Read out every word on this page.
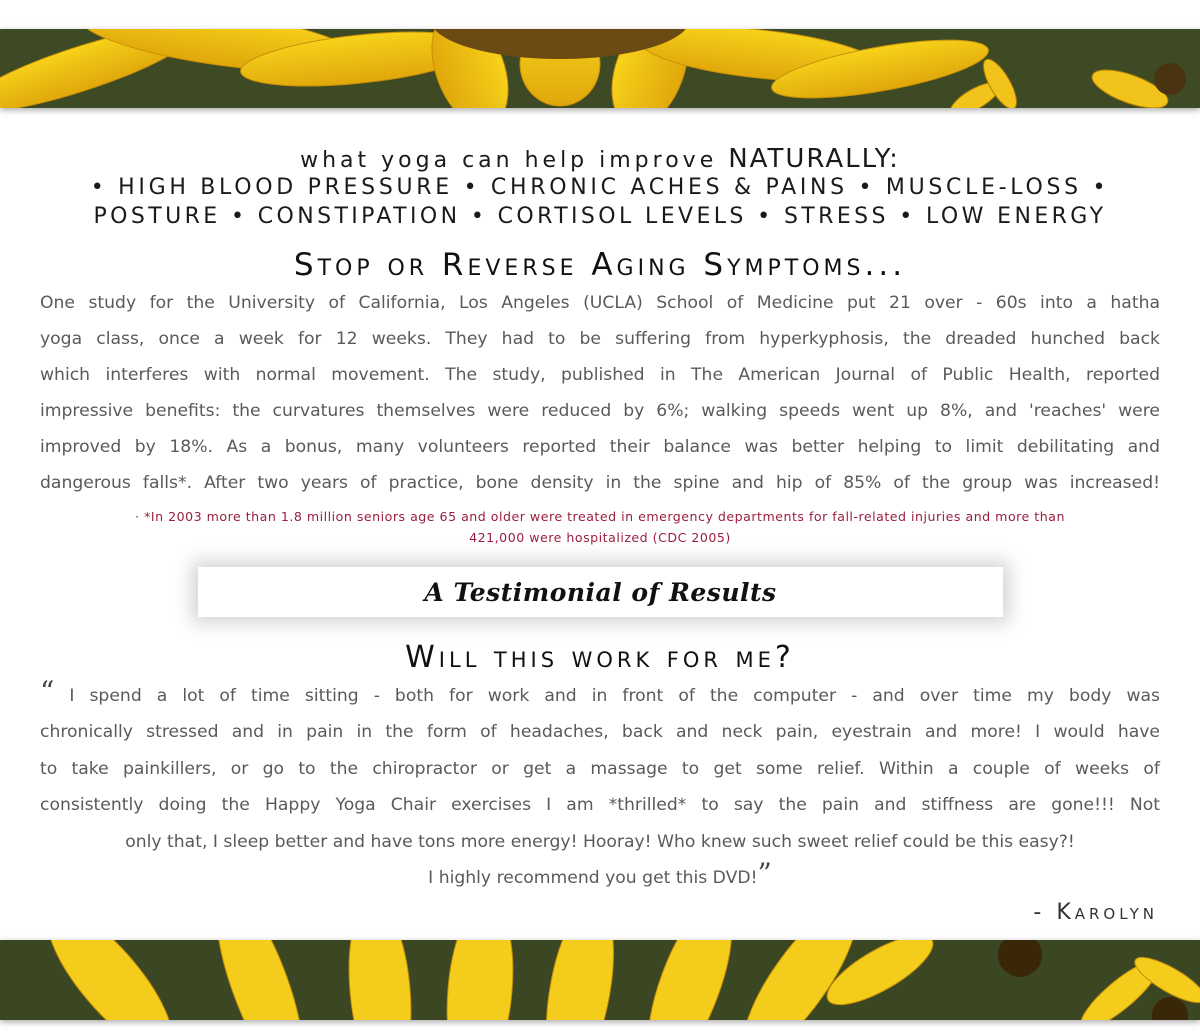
what yoga can help improve NATURALLY:
• HIGH BLOOD PRESSURE • CHRONIC ACHES & PAINS • MUSCLE-LOSS •
POSTURE • CONSTIPATION • CORTISOL LEVELS • STRESS • LOW ENERGY
Stop or Reverse Aging Symptoms...
One study for the University of California, Los Angeles (UCLA) School of Medicine put 21 over - 60s into a hatha
yoga class, once a week for 12 weeks. They had to be suffering from hyperkyphosis, the dreaded hunched back
which interferes with normal movement. The study, published in The American Journal of Public Health, reported
impressive benefits: the curvatures themselves were reduced by 6%; walking speeds went up 8%, and 'reaches' were
improved by 18%. As a bonus, many volunteers reported their balance was better helping to limit debilitating and
dangerous falls*. After two years of practice, bone density in the spine and hip of 85% of the group was increased!
· *In 2003 more than 1.8 million seniors age 65 and older were treated in emergency departments for fall-related injuries and more than
421,000 were hospitalized (CDC 2005)
A Testimonial of Results
Will this work for me?
“ I spend a lot of time sitting - both for work and in front of the computer - and over time my body was
chronically stressed and in pain in the form of headaches, back and neck pain, eyestrain and more! I would have
to take painkillers, or go to the chiropractor or get a massage to get some relief. Within a couple of weeks of
consistently doing the Happy Yoga Chair exercises I am *thrilled* to say the pain and stiffness are gone!!! Not
only that, I sleep better and have tons more energy! Hooray! Who knew such sweet relief could be this easy?!
I highly recommend you get this DVD!”
- Karolyn
